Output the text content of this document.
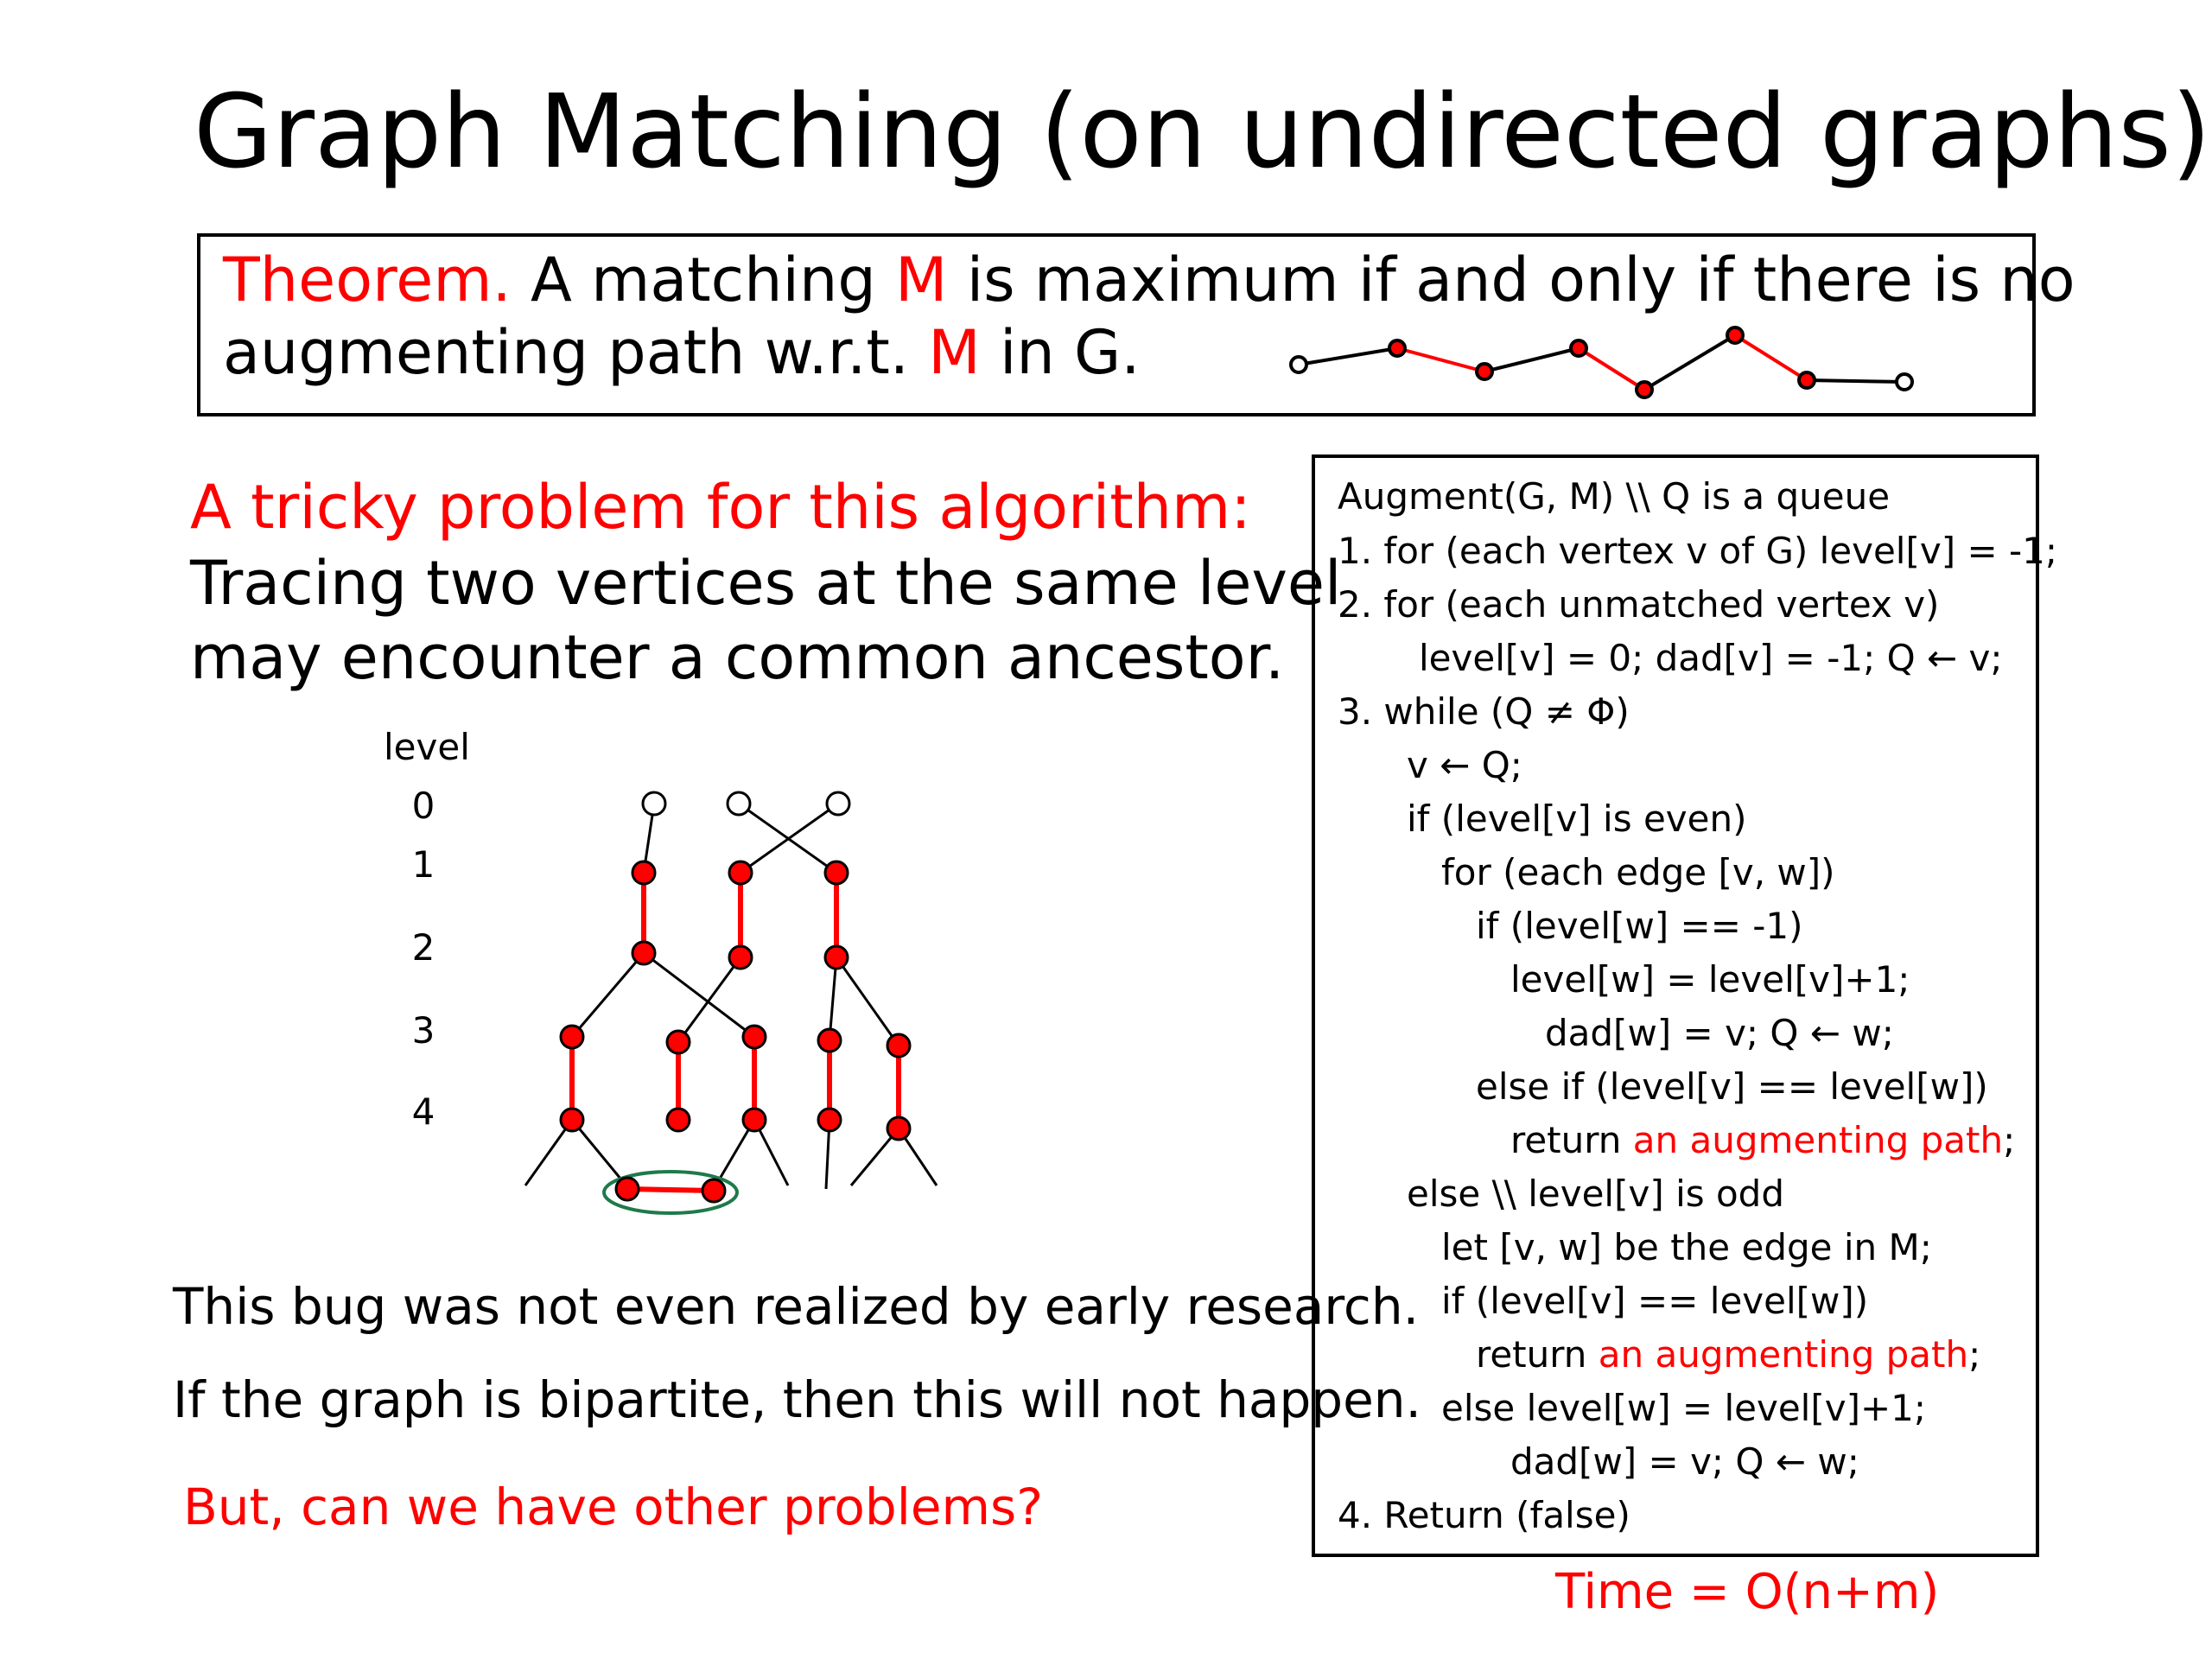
Graph Matching (on undirected graphs)
Theorem. A matching M is maximum if and only if there is no
augmenting path w.r.t. M in G.
A tricky problem for this algorithm:
Tracing two vertices at the same level
may encounter a common ancestor.
level
0
1
2
3
4
This bug was not even realized by early research.
If the graph is bipartite, then this will not happen.
But, can we have other problems?
Augment(G, M) \\ Q is a queue
1. for (each vertex v of G) level[v] = -1;
2. for (each unmatched vertex v)
level[v] = 0; dad[v] = -1; Q ← v;
3. while (Q ≠ Φ)
v ← Q;
if (level[v] is even)
for (each edge [v, w])
if (level[w] == -1)
level[w] = level[v]+1;
dad[w] = v; Q ← w;
else if (level[v] == level[w])
return an augmenting path;
else \\ level[v] is odd
let [v, w] be the edge in M;
if (level[v] == level[w])
return an augmenting path;
else level[w] = level[v]+1;
dad[w] = v; Q ← w;
4. Return (false)
Time = O(n+m)
